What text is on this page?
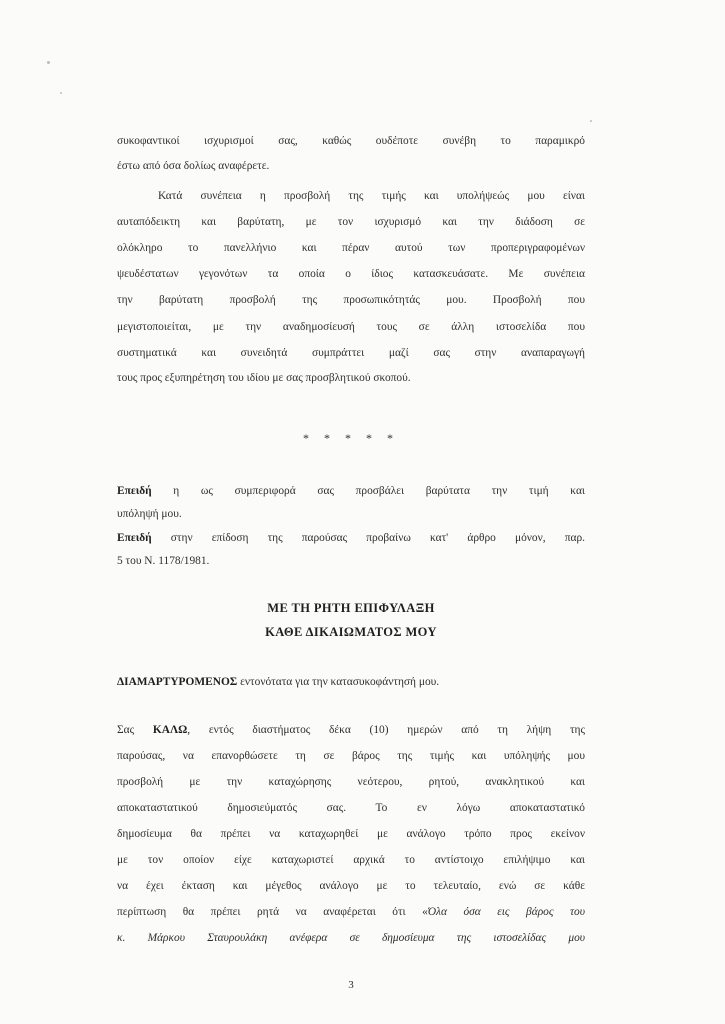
συκοφαντικοί ισχυρισμοί σας, καθώς ουδέποτε συνέβη το παραμικρό
έστω από όσα δολίως αναφέρετε.
Κατά συνέπεια η προσβολή της τιμής και υπολήψεώς μου είναι
αυταπόδεικτη και βαρύτατη, με τον ισχυρισμό και την διάδοση σε
ολόκληρο το πανελλήνιο και πέραν αυτού των προπεριγραφομένων
ψευδέστατων γεγονότων τα οποία ο ίδιος κατασκευάσατε. Με συνέπεια
την βαρύτατη προσβολή της προσωπικότητάς μου. Προσβολή που
μεγιστοποιείται, με την αναδημοσίευσή τους σε άλλη ιστοσελίδα που
συστηματικά και συνειδητά συμπράττει μαζί σας στην αναπαραγωγή
τους προς εξυπηρέτηση του ιδίου με σας προσβλητικού σκοπού.
* * * * *
Επειδή η ως συμπεριφορά σας προσβάλει βαρύτατα την τιμή και
υπόληψή μου.
Επειδή στην επίδοση της παρούσας προβαίνω κατ' άρθρο μόνον, παρ.
5 του Ν. 1178/1981.
ΜΕ ΤΗ ΡΗΤΗ ΕΠΙΦΥΛΑΞΗ
ΚΑΘΕ ΔΙΚΑΙΩΜΑΤΟΣ ΜΟΥ
ΔΙΑΜΑΡΤΥΡΟΜΕΝΟΣ εντονότατα για την κατασυκοφάντησή μου.
Σας ΚΑΛΩ, εντός διαστήματος δέκα (10) ημερών από τη λήψη της
παρούσας, να επανορθώσετε τη σε βάρος της τιμής και υπόληψής μου
προσβολή με την καταχώρησης νεότερου, ρητού, ανακλητικού και
αποκαταστατικού δημοσιεύματός σας. Το εν λόγω αποκαταστατικό
δημοσίευμα θα πρέπει να καταχωρηθεί με ανάλογο τρόπο προς εκείνον
με τον οποίον είχε καταχωριστεί αρχικά το αντίστοιχο επιλήψιμο και
να έχει έκταση και μέγεθος ανάλογο με το τελευταίο, ενώ σε κάθε
περίπτωση θα πρέπει ρητά να αναφέρεται ότι «Όλα όσα εις βάρος του
κ. Μάρκου Σταυρουλάκη ανέφερα σε δημοσίευμα της ιστοσελίδας μου
3
